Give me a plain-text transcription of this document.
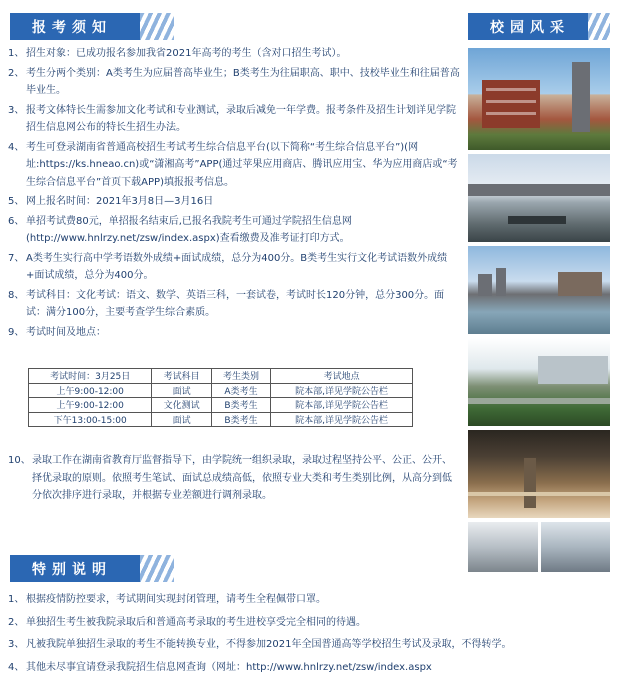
报考须知	校园风采
特别说明
1、 招生对象：已成功报名参加我省2021年高考的考生（含对口招生考试）。
2、 考生分两个类别：A类考生为应届普高毕业生；B类考生为往届职高、职中、技校毕业生和往届普高毕业生。
3、 报考文体特长生需参加文化考试和专业测试，录取后减免一年学费。报考条件及招生计划详见学院招生信息网公布的特长生招生办法。
4、 考生可登录湖南省普通高校招生考试考生综合信息平台(以下简称“考生综合信息平台”)(网址:https://ks.hneao.cn)或“潇湘高考”APP(通过苹果应用商店、腾讯应用宝、华为应用商店或“考生综合信息平台”首页下载APP)填报报考信息。
5、 网上报名时间：2021年3月8日—3月16日
6、 单招考试费80元，单招报名结束后,已报名我院考生可通过学院招生信息网(http://www.hnlrzy.net/zsw/index.aspx)查看缴费及准考证打印方式。
7、 A类考生实行高中学考语数外成绩+面试成绩，总分为400分。B类考生实行文化考试语数外成绩+面试成绩，总分为400分。
8、 考试科目：文化考试：语文、数学、英语三科，一套试卷，考试时长120分钟，总分300分。面试：满分100分，主要考查学生综合素质。
9、 考试时间及地点：
考试时间：3月25日	考试科目	考生类别	考试地点
上午9:00-12:00	面试	A类考生	院本部,详见学院公告栏
上午9:00-12:00	文化测试	B类考生	院本部,详见学院公告栏
下午13:00-15:00	面试	B类考生	院本部,详见学院公告栏
10、 录取工作在湖南省教育厅监督指导下，由学院统一组织录取，录取过程坚持公平、公正、公开、择优录取的原则。依照考生笔试、面试总成绩高低，依照专业大类和考生类别比例，从高分到低分依次排序进行录取，并根据专业差额进行调剂录取。
1、 根据疫情防控要求，考试期间实现封闭管理，请考生全程佩带口罩。
2、 单独招生考生被我院录取后和普通高考录取的考生进校享受完全相同的待遇。
3、 凡被我院单独招生录取的考生不能转换专业，不得参加2021年全国普通高等学校招生考试及录取，不得转学。
4、 其他未尽事宜请登录我院招生信息网查询（网址：http://www.hnlrzy.net/zsw/index.aspx
